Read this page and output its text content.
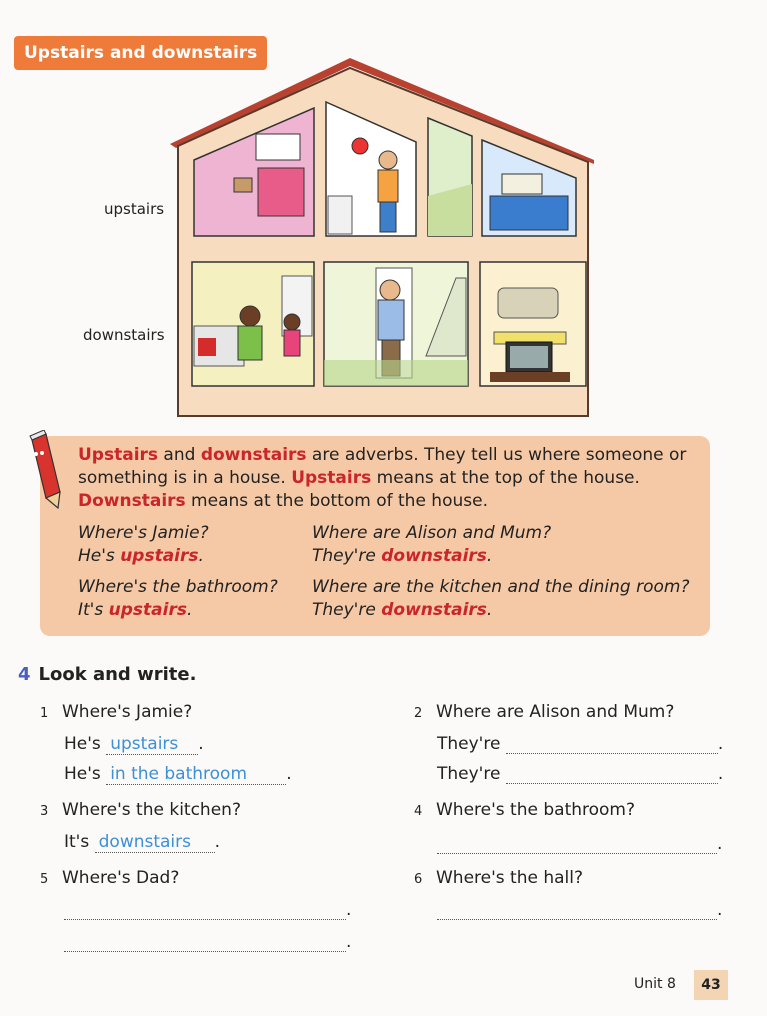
Upstairs and downstairs
upstairs
downstairs
Upstairs and downstairs are adverbs. They tell us where someone or something is in a house. Upstairs means at the top of the house. Downstairs means at the bottom of the house.
Where's Jamie?
He's upstairs.
Where are Alison and Mum?
They're downstairs.
Where's the bathroom?
It's upstairs.
Where are the kitchen and the dining room?
They're downstairs.
4 Look and write.
1 Where's Jamie?
He's upstairs .
He's in the bathroom .
2 Where are Alison and Mum?
They're	.
They're	.
3 Where's the kitchen?
It's downstairs .
4 Where's the bathroom?
.
5 Where's Dad?
.
.
6 Where's the hall?
.
Unit 8	43
